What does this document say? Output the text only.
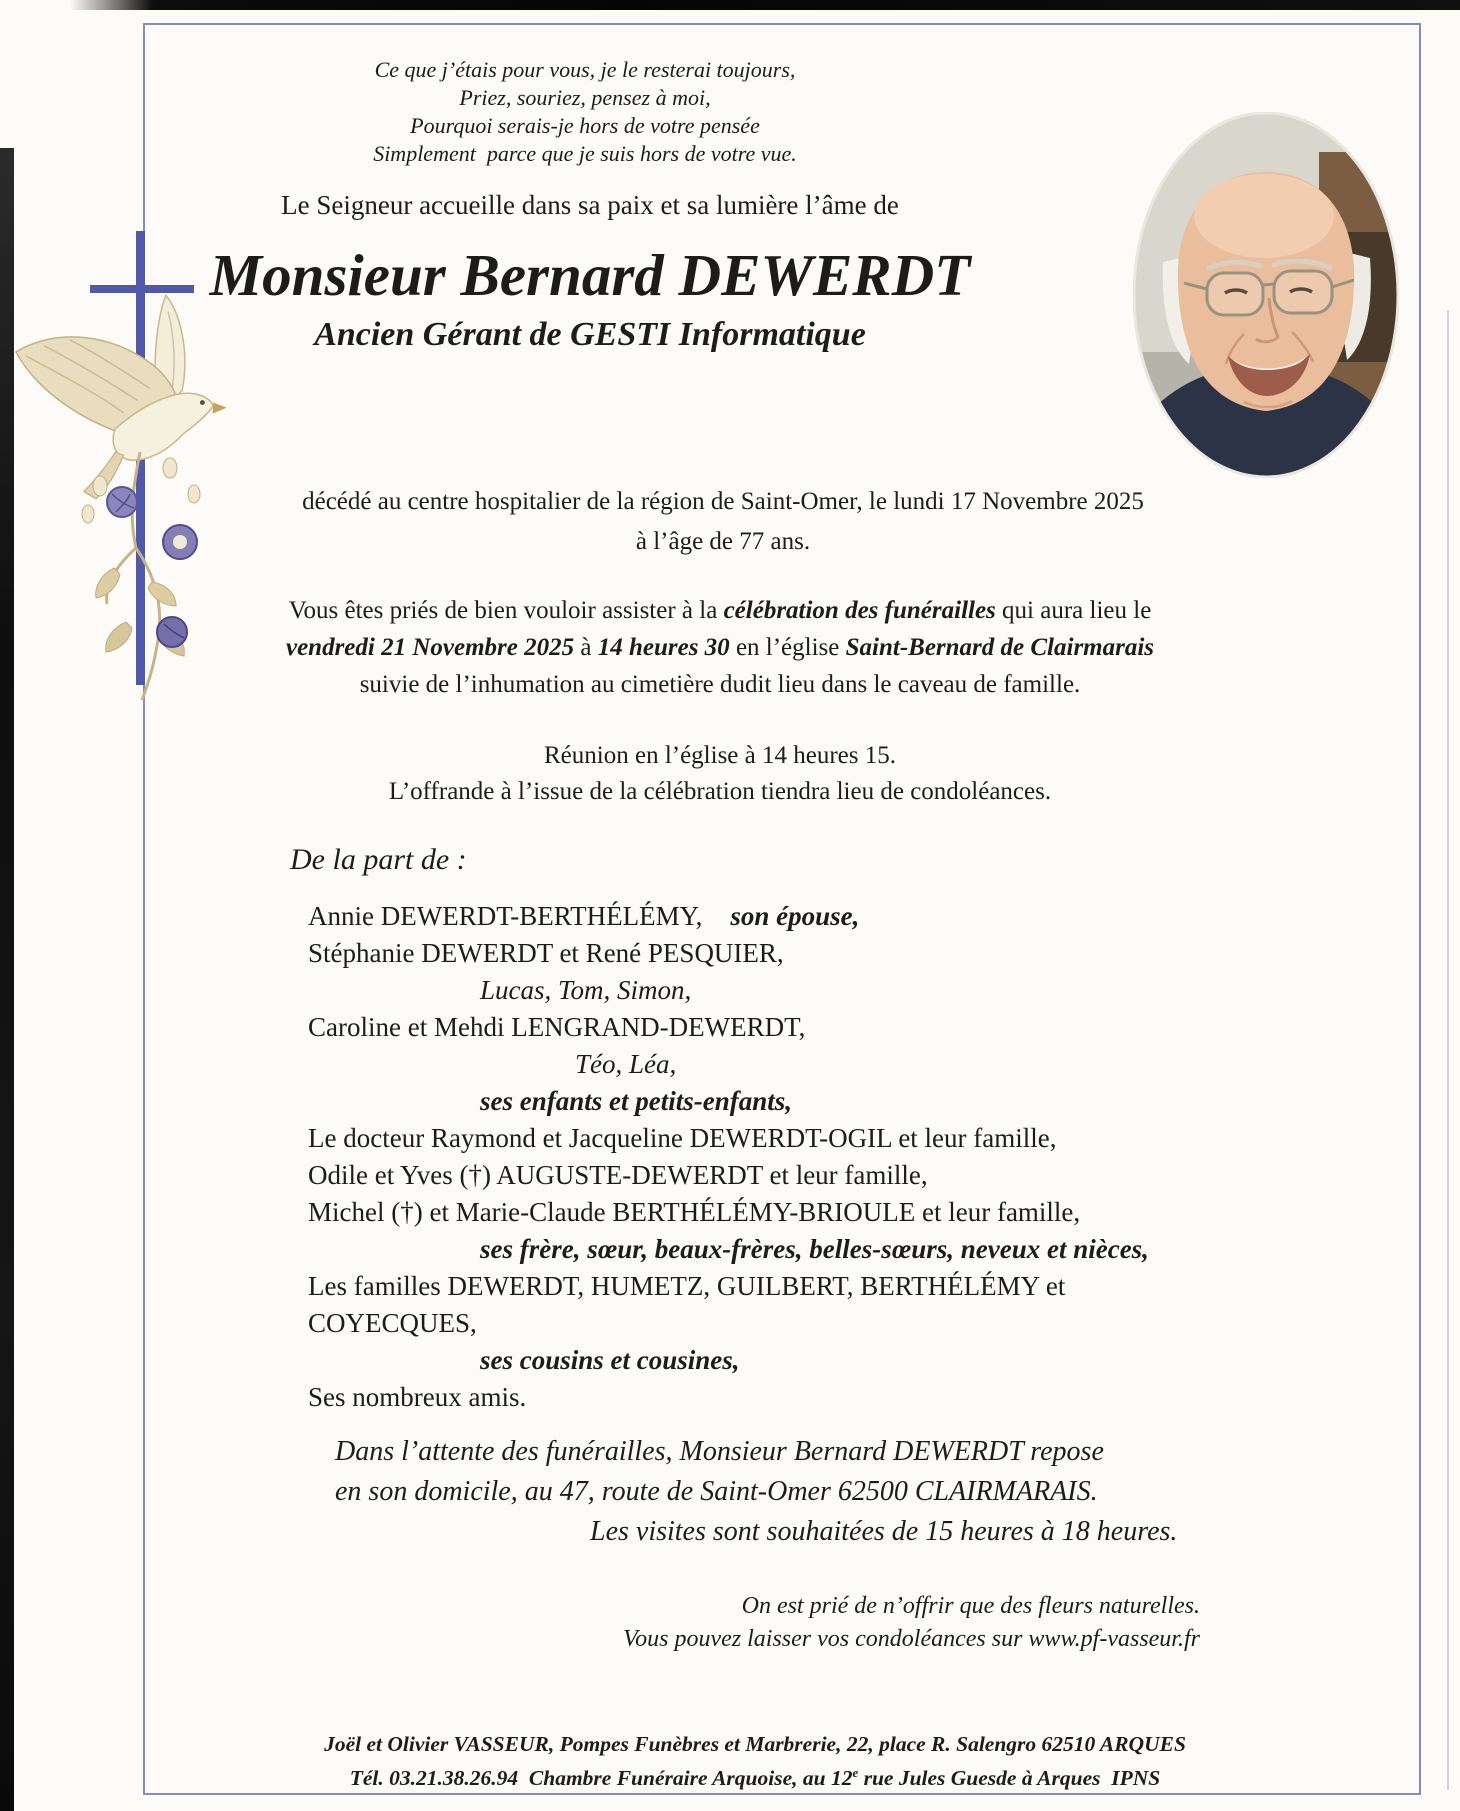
Ce que j’étais pour vous, je le resterai toujours,
Priez, souriez, pensez à moi,
Pourquoi serais-je hors de votre pensée
Simplement  parce que je suis hors de votre vue.
Le Seigneur accueille dans sa paix et sa lumière l’âme de
Monsieur Bernard DEWERDT
Ancien Gérant de GESTI Informatique
décédé au centre hospitalier de la région de Saint-Omer, le lundi 17 Novembre 2025
à l’âge de 77 ans.
Vous êtes priés de bien vouloir assister à la célébration des funérailles qui aura lieu le
vendredi 21 Novembre 2025 à 14 heures 30 en l’église Saint-Bernard de Clairmarais
suivie de l’inhumation au cimetière dudit lieu dans le caveau de famille.
Réunion en l’église à 14 heures 15.
L’offrande à l’issue de la célébration tiendra lieu de condoléances.
De la part de :
Annie DEWERDT-BERTHÉLÉMY, son épouse,
Stéphanie DEWERDT et René PESQUIER,
Lucas, Tom, Simon,
Caroline et Mehdi LENGRAND-DEWERDT,
Téo, Léa,
ses enfants et petits-enfants,
Le docteur Raymond et Jacqueline DEWERDT-OGIL et leur famille,
Odile et Yves (†) AUGUSTE-DEWERDT et leur famille,
Michel (†) et Marie-Claude BERTHÉLÉMY-BRIOULE et leur famille,
ses frère, sœur, beaux-frères, belles-sœurs, neveux et nièces,
Les familles DEWERDT, HUMETZ, GUILBERT, BERTHÉLÉMY et
COYECQUES,
ses cousins et cousines,
Ses nombreux amis.
Dans l’attente des funérailles, Monsieur Bernard DEWERDT repose
en son domicile, au 47, route de Saint-Omer 62500 CLAIRMARAIS.
Les visites sont souhaitées de 15 heures à 18 heures.
On est prié de n’offrir que des fleurs naturelles.
Vous pouvez laisser vos condoléances sur www.pf-vasseur.fr
Joël et Olivier VASSEUR, Pompes Funèbres et Marbrerie, 22, place R. Salengro 62510 ARQUES
Tél. 03.21.38.26.94  Chambre Funéraire Arquoise, au 12e rue Jules Guesde à Arques  IPNS
